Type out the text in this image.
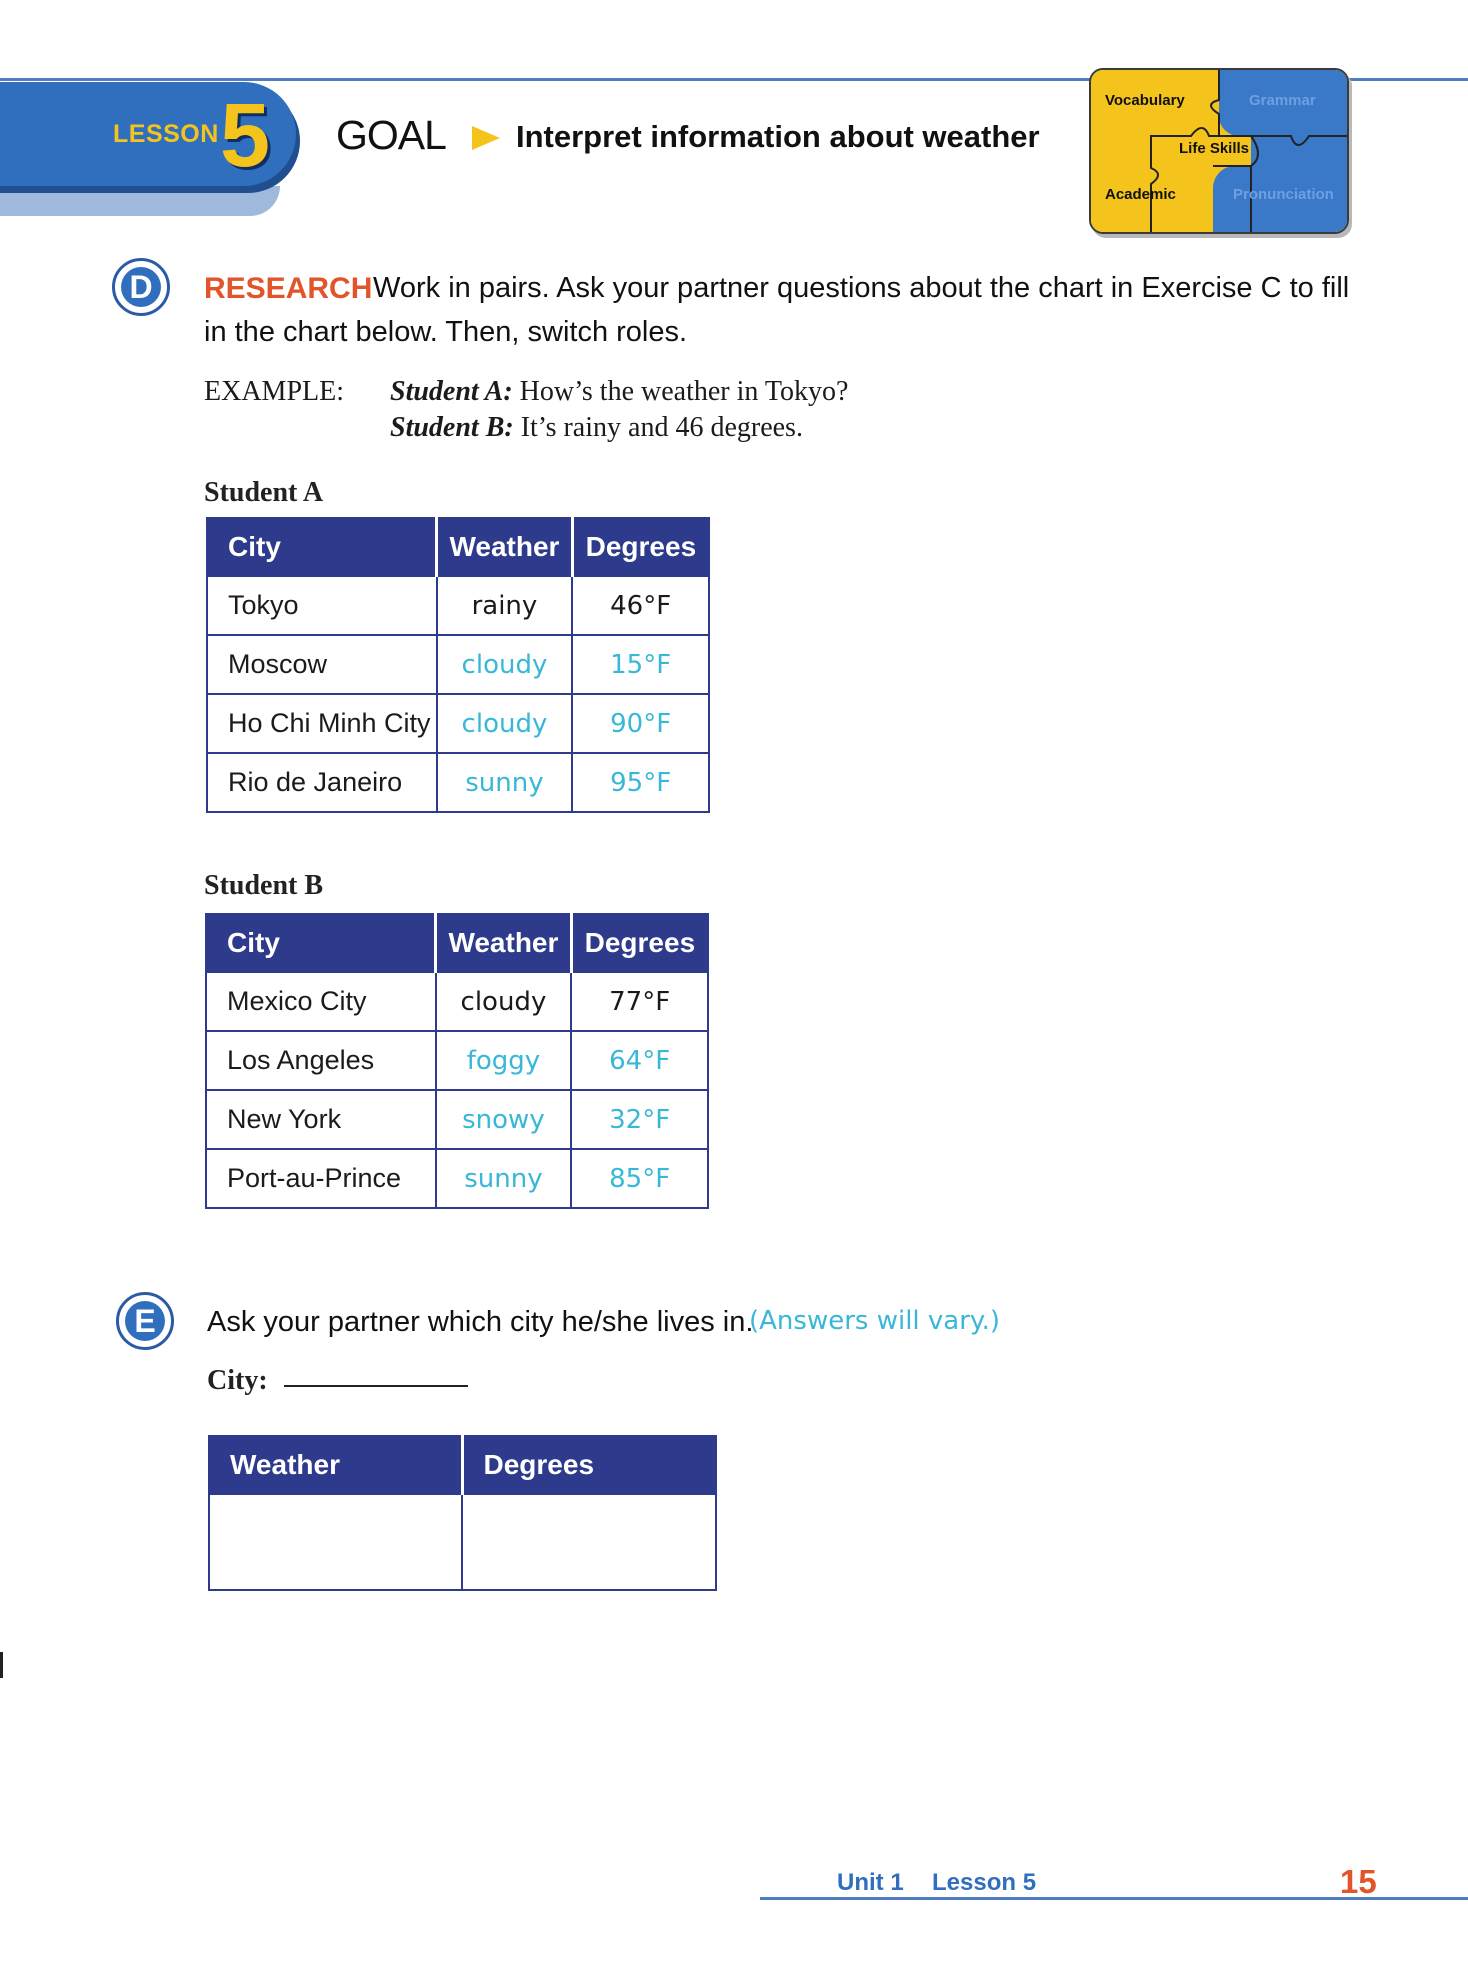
LESSON 5 GOAL Interpret information about weather
Vocabulary	Grammar
Life Skills
Academic	Pronunciation
D RESEARCH Work in pairs. Ask your partner questions about the chart in Exercise C to fill
in the chart below. Then, switch roles.
EXAMPLE: Student A: How’s the weather in Tokyo?
Student B: It’s rainy and 46 degrees.
Student A
City	Weather	Degrees
Tokyo	rainy	46°F
Moscow	cloudy	15°F
Ho Chi Minh City	cloudy	90°F
Rio de Janeiro	sunny	95°F
Student B
City	Weather	Degrees
Mexico City	cloudy	77°F
Los Angeles	foggy	64°F
New York	snowy	32°F
Port-au-Prince	sunny	85°F
E	Ask your partner which city he/she lives in.
(Answers will vary.)
City:
Weather	Degrees

Unit 1 Lesson 5	15
